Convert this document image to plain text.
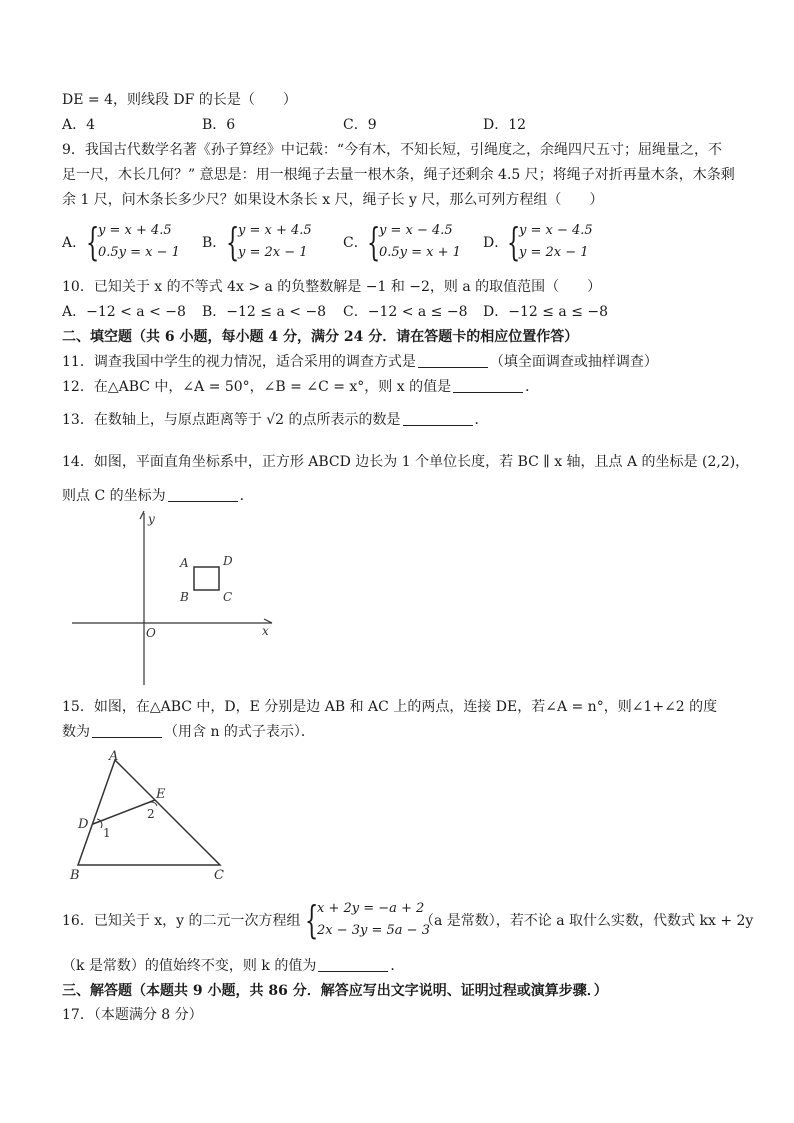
DE = 4，则线段 DF 的长是（　　）
A．4	B．6	C．9	D．12
9．我国古代数学名著《孙子算经》中记载：“今有木，不知长短，引绳度之，余绳四尺五寸；屈绳量之，不
足一尺，木长几何？” 意思是：用一根绳子去量一根木条，绳子还剩余 4.5 尺；将绳子对折再量木条，木条剩
余 1 尺，问木条长多少尺？如果设木条长 x 尺，绳子长 y 尺，那么可列方程组（　　）
A． {
y = x + 4.5
0.5y = x − 1
B． {
y = x + 4.5
y = 2x − 1
C． {
y = x − 4.5
0.5y = x + 1
D．
{
y = x − 4.5
y = 2x − 1
10．已知关于 x 的不等式 4x > a 的负整数解是 −1 和 −2，则 a 的取值范围（　　）
A．−12 < a < −8 B．−12 ≤ a < −8 C．−12 < a ≤ −8 D．−12 ≤ a ≤ −8
二、填空题（共 6 小题，每小题 4 分，满分 24 分．请在答题卡的相应位置作答）
11．调查我国中学生的视力情况，适合采用的调查方式是	（填全面调查或抽样调查）
12．在△ABC 中，∠A = 50°，∠B = ∠C = x°，则 x 的值是	．
13．在数轴上，与原点距离等于 √2 的点所表示的数是	．
14．如图，平面直角坐标系中，正方形 ABCD 边长为 1 个单位长度，若 BC ∥ x 轴，且点 A 的坐标是 (2,2)，
则点 C 的坐标为	．
y
x
O
A	D
B	C
15．如图，在△ABC 中，D，E 分别是边 AB 和 AC 上的两点，连接 DE，若∠A = n°，则∠1+∠2 的度
数为	（用含 n 的式子表示）．
A
B	C
D
E
1
2
16．已知关于 x，y 的二元一次方程组 {
x + 2y = −a + 2
2x − 3y = 5a − 3
（a 是常数），若不论 a 取什么实数，代数式 kx + 2y
（k 是常数）的值始终不变，则 k 的值为	．
三、解答题（本题共 9 小题，共 86 分．解答应写出文字说明、证明过程或演算步骤．）
17．（本题满分 8 分）
